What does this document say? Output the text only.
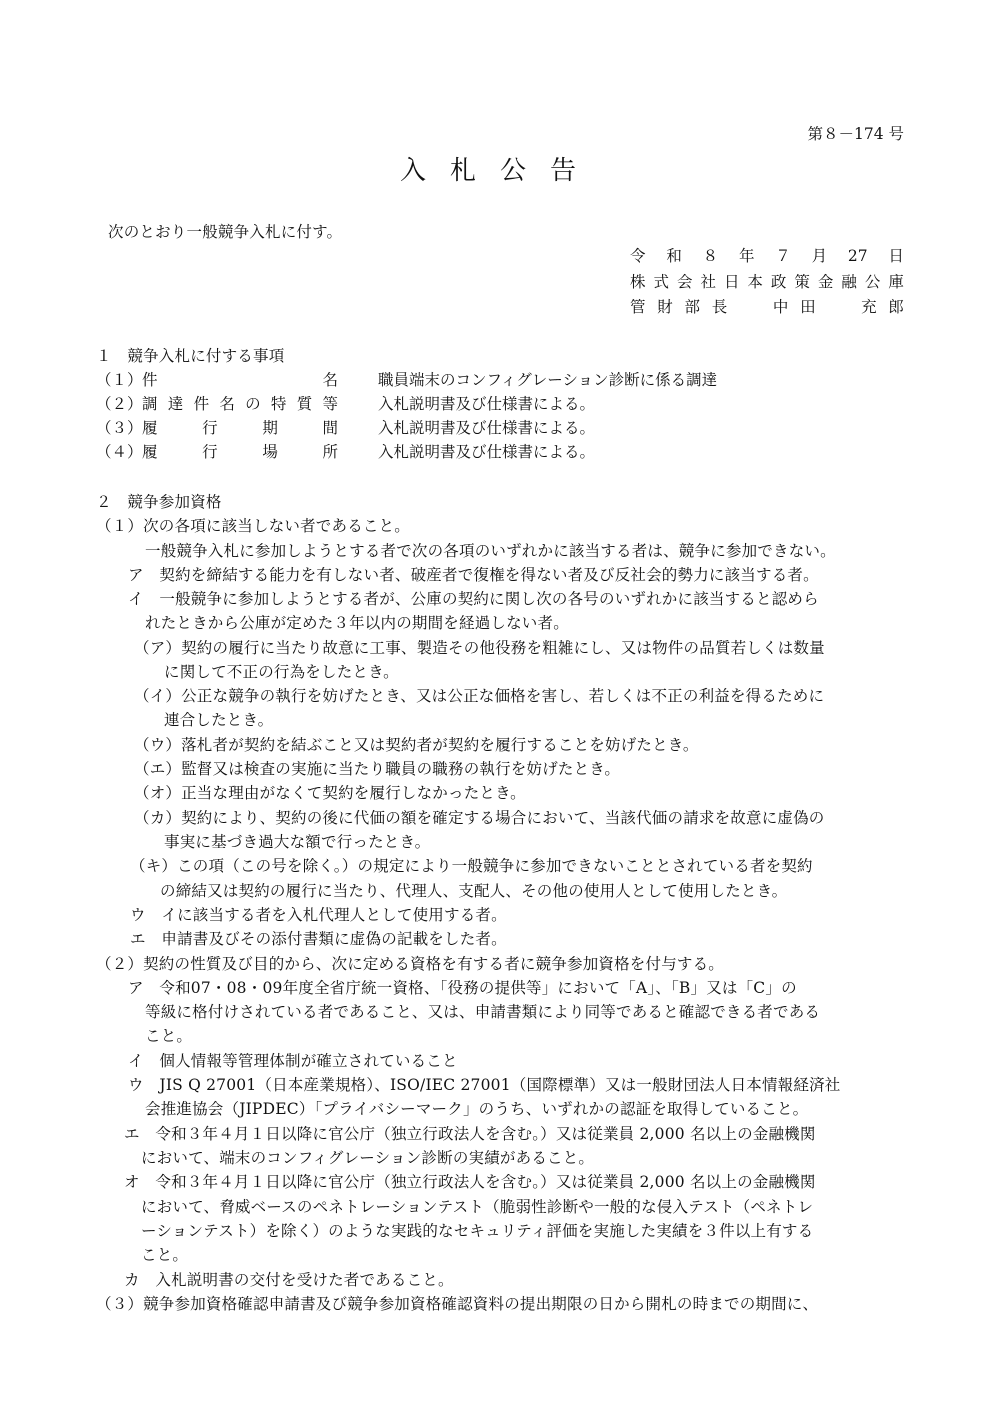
第８－174 号
入札公告
次のとおり一般競争入札に付す。
令 和 ８ 年 ７ 月 27 日
株 式 会 社 日 本 政 策 金 融 公 庫
管 財 部 長	中 田	充 郎
１　競争入札に付する事項
（１） 件	名	職員端末のコンフィグレーション診断に係る調達
（２） 調 達 件 名 の 特 質 等	入札説明書及び仕様書による。
（３） 履	行	期	間	入札説明書及び仕様書による。
（４） 履	行	場	所	入札説明書及び仕様書による。
２　競争参加資格
（１）次の各項に該当しない者であること。
一般競争入札に参加しようとする者で次の各項のいずれかに該当する者は、競争に参加できない。
ア　契約を締結する能力を有しない者、破産者で復権を得ない者及び反社会的勢力に該当する者。
イ　一般競争に参加しようとする者が、公庫の契約に関し次の各号のいずれかに該当すると認めら
れたときから公庫が定めた３年以内の期間を経過しない者。
（ア）契約の履行に当たり故意に工事、製造その他役務を粗雑にし、又は物件の品質若しくは数量
に関して不正の行為をしたとき。
（イ）公正な競争の執行を妨げたとき、又は公正な価格を害し、若しくは不正の利益を得るために
連合したとき。
（ウ）落札者が契約を結ぶこと又は契約者が契約を履行することを妨げたとき。
（エ）監督又は検査の実施に当たり職員の職務の執行を妨げたとき。
（オ）正当な理由がなくて契約を履行しなかったとき。
（カ）契約により、契約の後に代価の額を確定する場合において、当該代価の請求を故意に虚偽の
事実に基づき過大な額で行ったとき。
（キ）この項（この号を除く。）の規定により一般競争に参加できないこととされている者を契約
の締結又は契約の履行に当たり、代理人、支配人、その他の使用人として使用したとき。
ウ　イに該当する者を入札代理人として使用する者。
エ　申請書及びその添付書類に虚偽の記載をした者。
（２）契約の性質及び目的から、次に定める資格を有する者に競争参加資格を付与する。
ア　令和07・08・09年度全省庁統一資格、「役務の提供等」において「A」、「B」又は「C」の
等級に格付けされている者であること、又は、申請書類により同等であると確認できる者である
こと。
イ　個人情報等管理体制が確立されていること
ウ　JIS Q 27001（日本産業規格）、ISO/IEC 27001（国際標準）又は一般財団法人日本情報経済社
会推進協会（JIPDEC）「プライバシーマーク」のうち、いずれかの認証を取得していること。
エ　令和３年４月１日以降に官公庁（独立行政法人を含む。）又は従業員 2,000 名以上の金融機関
において、端末のコンフィグレーション診断の実績があること。
オ　令和３年４月１日以降に官公庁（独立行政法人を含む。）又は従業員 2,000 名以上の金融機関
において、脅威ベースのペネトレーションテスト（脆弱性診断や一般的な侵入テスト（ペネトレ
ーションテスト）を除く）のような実践的なセキュリティ評価を実施した実績を３件以上有する
こと。
カ　入札説明書の交付を受けた者であること。
（３）競争参加資格確認申請書及び競争参加資格確認資料の提出期限の日から開札の時までの期間に、
